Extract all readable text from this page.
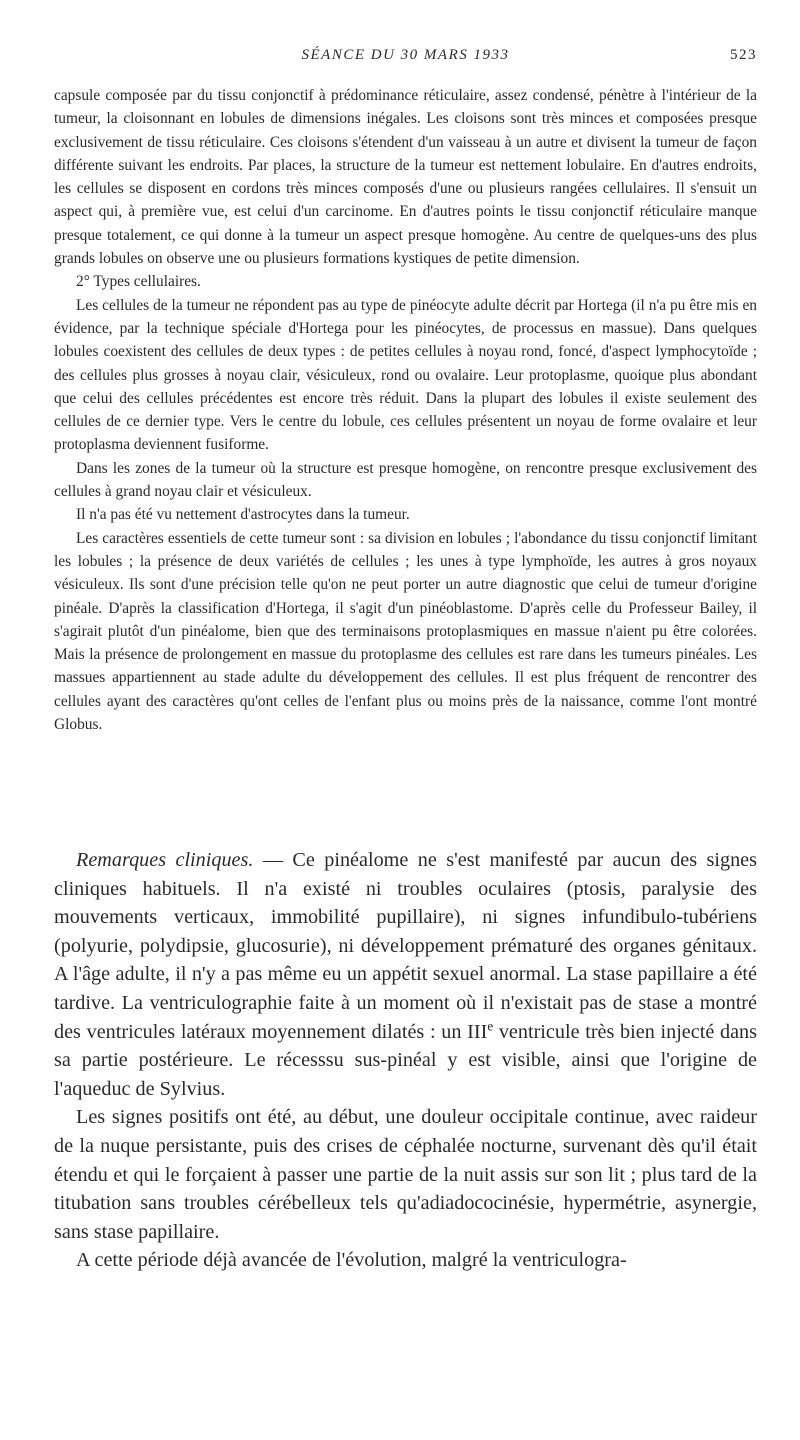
SÉANCE DU 30 MARS 1933	523

capsule composée par du tissu conjonctif à prédominance réticulaire, assez condensé, pénètre à l'intérieur de la tumeur, la cloisonnant en lobules de dimensions inégales. Les cloisons sont très minces et composées presque exclusivement de tissu réticulaire. Ces cloisons s'étendent d'un vaisseau à un autre et divisent la tumeur de façon différente suivant les endroits. Par places, la structure de la tumeur est nettement lobulaire. En d'autres endroits, les cellules se disposent en cordons très minces composés d'une ou plusieurs rangées cellulaires. Il s'ensuit un aspect qui, à première vue, est celui d'un carcinome. En d'autres points le tissu conjonctif réticulaire manque presque totalement, ce qui donne à la tumeur un aspect presque homogène. Au centre de quelques-uns des plus grands lobules on observe une ou plusieurs formations kystiques de petite dimension.

2° Types cellulaires.

Les cellules de la tumeur ne répondent pas au type de pinéocyte adulte décrit par Hortega (il n'a pu être mis en évidence, par la technique spéciale d'Hortega pour les pinéocytes, de processus en massue). Dans quelques lobules coexistent des cellules de deux types : de petites cellules à noyau rond, foncé, d'aspect lymphocytoïde ; des cellules plus grosses à noyau clair, vésiculeux, rond ou ovalaire. Leur protoplasme, quoique plus abondant que celui des cellules précédentes est encore très réduit. Dans la plupart des lobules il existe seulement des cellules de ce dernier type. Vers le centre du lobule, ces cellules présentent un noyau de forme ovalaire et leur protoplasma deviennent fusiforme.

Dans les zones de la tumeur où la structure est presque homogène, on rencontre presque exclusivement des cellules à grand noyau clair et vésiculeux.

Il n'a pas été vu nettement d'astrocytes dans la tumeur.

Les caractères essentiels de cette tumeur sont : sa division en lobules ; l'abondance du tissu conjonctif limitant les lobules ; la présence de deux variétés de cellules ; les unes à type lymphoïde, les autres à gros noyaux vésiculeux. Ils sont d'une précision telle qu'on ne peut porter un autre diagnostic que celui de tumeur d'origine pinéale. D'après la classification d'Hortega, il s'agit d'un pinéoblastome. D'après celle du Professeur Bailey, il s'agirait plutôt d'un pinéalome, bien que des terminaisons protoplasmiques en massue n'aient pu être colorées. Mais la présence de prolongement en massue du protoplasme des cellules est rare dans les tumeurs pinéales. Les massues appartiennent au stade adulte du développement des cellules. Il est plus fréquent de rencontrer des cellules ayant des caractères qu'ont celles de l'enfant plus ou moins près de la naissance, comme l'ont montré Globus.

Remarques cliniques. — Ce pinéalome ne s'est manifesté par aucun des signes cliniques habituels. Il n'a existé ni troubles oculaires (ptosis, paralysie des mouvements verticaux, immobilité pupillaire), ni signes infundibulo-tubériens (polyurie, polydipsie, glucosurie), ni développement prématuré des organes génitaux. A l'âge adulte, il n'y a pas même eu un appétit sexuel anormal. La stase papillaire a été tardive. La ventriculographie faite à un moment où il n'existait pas de stase a montré des ventricules latéraux moyennement dilatés : un IIIe ventricule très bien injecté dans sa partie postérieure. Le récesssu sus-pinéal y est visible, ainsi que l'origine de l'aqueduc de Sylvius.

Les signes positifs ont été, au début, une douleur occipitale continue, avec raideur de la nuque persistante, puis des crises de céphalée nocturne, survenant dès qu'il était étendu et qui le forçaient à passer une partie de la nuit assis sur son lit ; plus tard de la titubation sans troubles cérébelleux tels qu'adiadococinésie, hypermétrie, asynergie, sans stase papillaire.

A cette période déjà avancée de l'évolution, malgré la ventriculogra-
